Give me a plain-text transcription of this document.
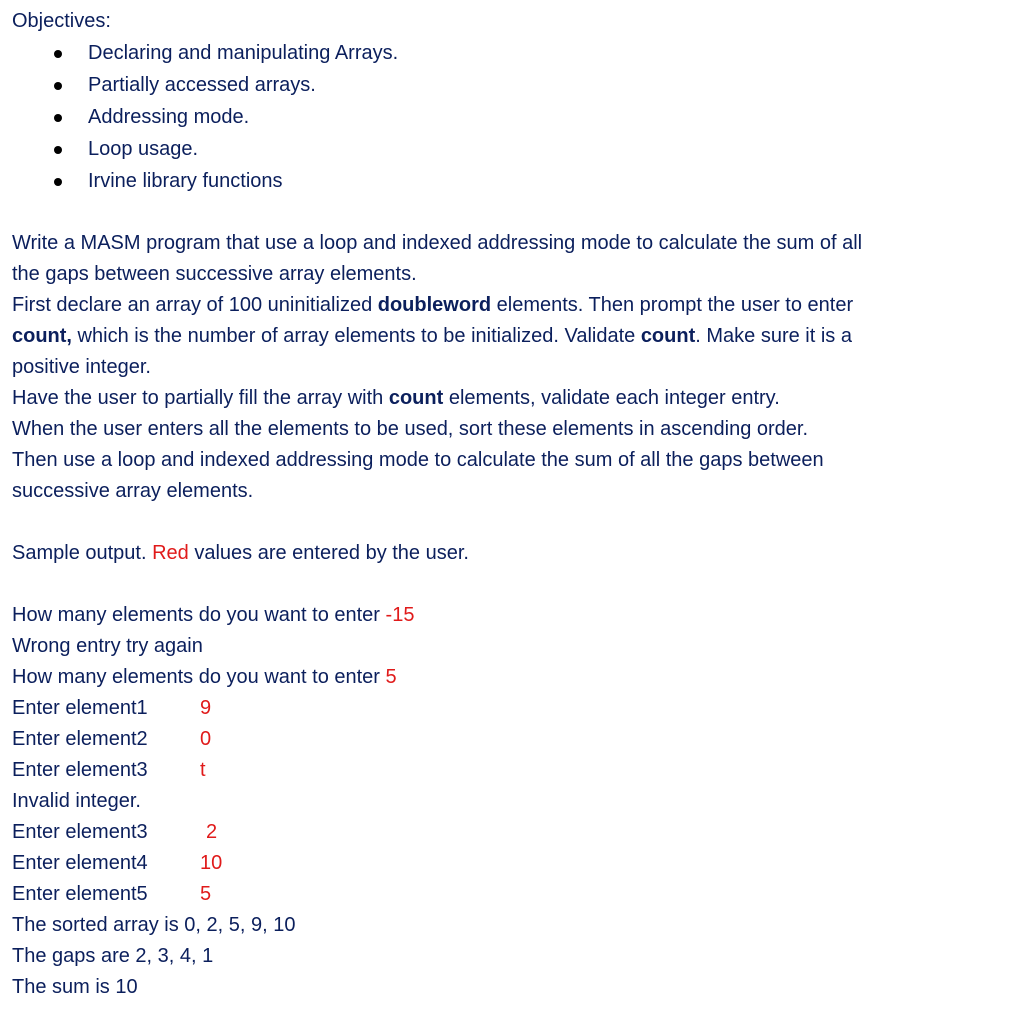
Objectives:
Declaring and manipulating Arrays.
Partially accessed arrays.
Addressing mode.
Loop usage.
Irvine library functions
Write a MASM program that use a loop and indexed addressing mode to calculate the sum of all
the gaps between successive array elements.
First declare an array of 100 uninitialized doubleword elements. Then prompt the user to enter
count, which is the number of array elements to be initialized. Validate count. Make sure it is a
positive integer.
Have the user to partially fill the array with count elements, validate each integer entry.
When the user enters all the elements to be used, sort these elements in ascending order.
Then use a loop and indexed addressing mode to calculate the sum of all the gaps between
successive array elements.
Sample output. Red values are entered by the user.
How many elements do you want to enter -15
Wrong entry try again
How many elements do you want to enter 5
Enter element1	9
Enter element2	0
Enter element3	t
Invalid integer.
Enter element3	2
Enter element4	10
Enter element5	5
The sorted array is 0, 2, 5, 9, 10
The gaps are 2, 3, 4, 1
The sum is 10
